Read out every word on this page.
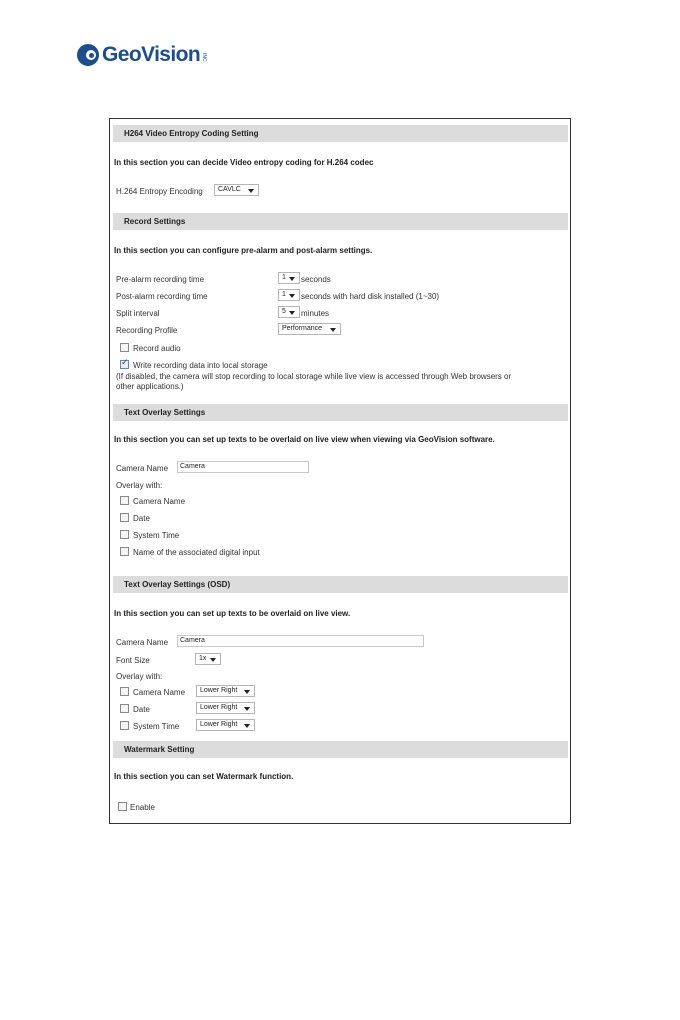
GeoVision INC.
H264 Video Entropy Coding Setting
In this section you can decide Video entropy coding for H.264 codec
H.264 Entropy Encoding	CAVLC
Record Settings
In this section you can configure pre-alarm and post-alarm settings.
Pre-alarm recording time	1	seconds
Post-alarm recording time	1	seconds with hard disk installed (1~30)
Split interval	5	minutes
Recording Profile	Performance
Record audio
✓
Write recording data into local storage
(If disabled, the camera will stop recording to local storage while live view is accessed through Web browsers or
other applications.)
Text Overlay Settings
In this section you can set up texts to be overlaid on live view when viewing via GeoVision software.
Camera Name	Camera
Overlay with:
Camera Name
Date
System Time
Name of the associated digital input
Text Overlay Settings (OSD)
In this section you can set up texts to be overlaid on live view.
Camera Name	Camera
Font Size	1x
Overlay with:
Camera Name	Lower Right
Date	Lower Right
System Time	Lower Right
Watermark Setting
In this section you can set Watermark function.
Enable
